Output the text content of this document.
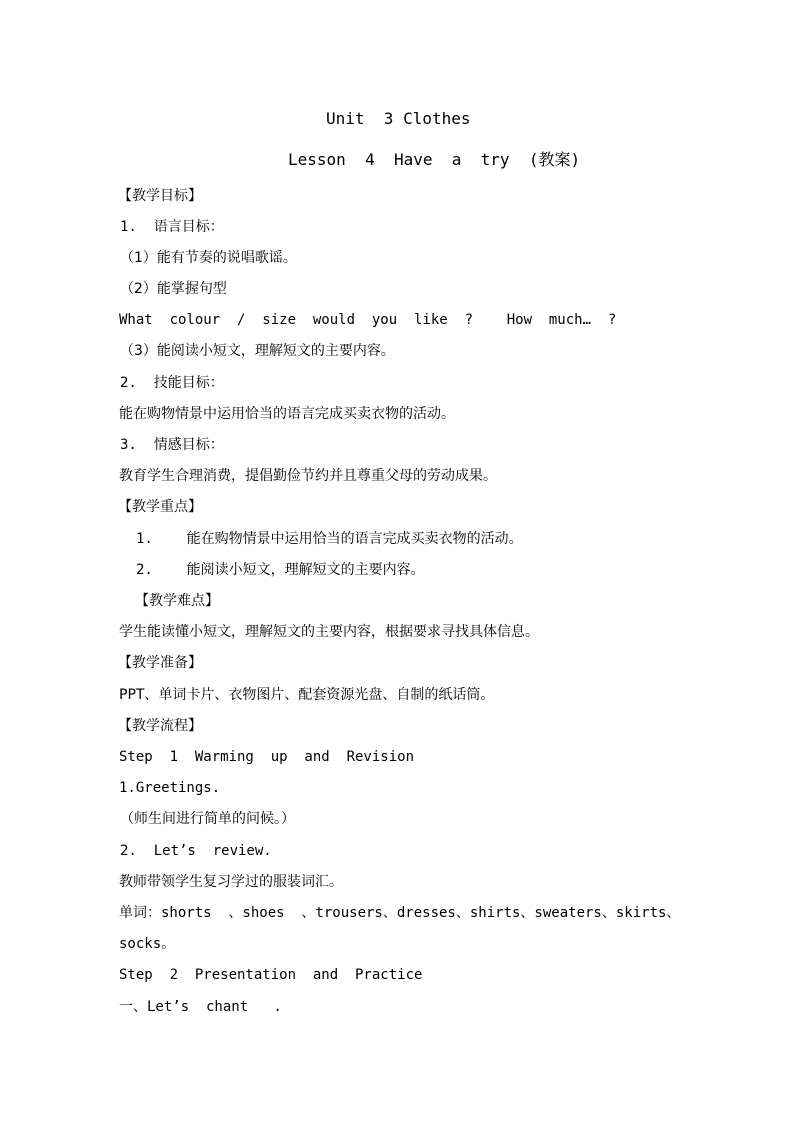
Unit  3 Clothes
Lesson  4  Have  a  try  (教案)
【教学目标】
1.  语言目标：
（1）能有节奏的说唱歌谣。
（2）能掌握句型
What  colour  /  size  would  you  like  ?    How  much…  ?
（3）能阅读小短文，理解短文的主要内容。
2.  技能目标：
能在购物情景中运用恰当的语言完成买卖衣物的活动。
3.  情感目标：
教育学生合理消费，提倡勤俭节约并且尊重父母的劳动成果。
【教学重点】
1.    能在购物情景中运用恰当的语言完成买卖衣物的活动。
2.    能阅读小短文，理解短文的主要内容。
【教学难点】
学生能读懂小短文，理解短文的主要内容，根据要求寻找具体信息。
【教学准备】
PPT、单词卡片、衣物图片、配套资源光盘、自制的纸话筒。
【教学流程】
Step  1  Warming  up  and  Revision
1.Greetings.
（师生间进行简单的问候。）
2.  Let’s  review.
教师带领学生复习学过的服装词汇。
单词：shorts  、shoes  、trousers、dresses、shirts、sweaters、skirts、
socks。
Step  2  Presentation  and  Practice
一、Let’s  chant   .
